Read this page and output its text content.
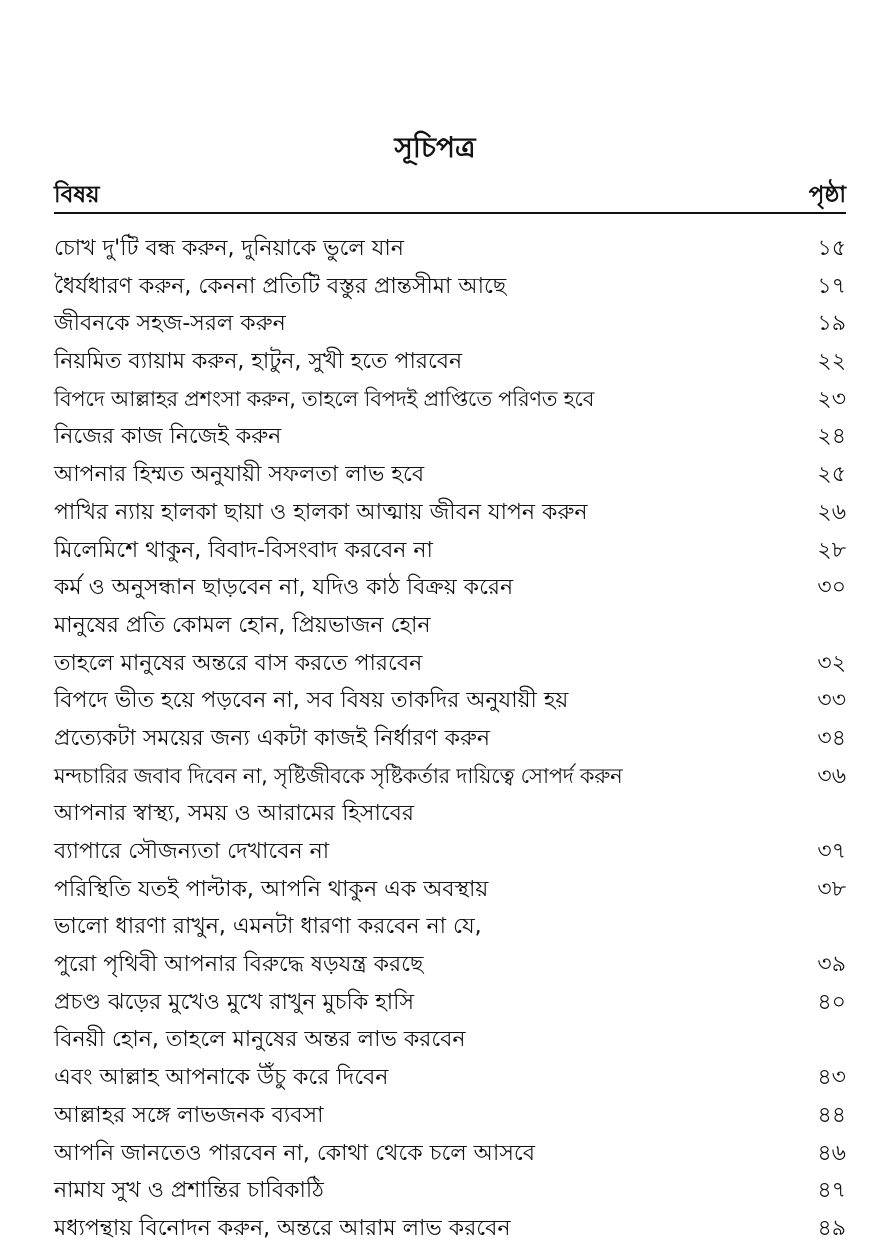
সূচিপত্র
বিষয়	পৃষ্ঠা
চোখ দু'টি বন্ধ করুন, দুনিয়াকে ভুলে যান	১৫
ধৈর্যধারণ করুন, কেননা প্রতিটি বস্তুর প্রান্তসীমা আছে	১৭
জীবনকে সহজ-সরল করুন	১৯
নিয়মিত ব্যায়াম করুন, হাটুন, সুখী হতে পারবেন	২২
বিপদে আল্লাহর প্রশংসা করুন, তাহলে বিপদই প্রাপ্তিতে পরিণত হবে	২৩
নিজের কাজ নিজেই করুন	২৪
আপনার হিম্মত অনুযায়ী সফলতা লাভ হবে	২৫
পাখির ন্যায় হালকা ছায়া ও হালকা আত্মায় জীবন যাপন করুন	২৬
মিলেমিশে থাকুন, বিবাদ-বিসংবাদ করবেন না	২৮
কর্ম ও অনুসন্ধান ছাড়বেন না, যদিও কাঠ বিক্রয় করেন	৩০
মানুষের প্রতি কোমল হোন, প্রিয়ভাজন হোন
তাহলে মানুষের অন্তরে বাস করতে পারবেন	৩২
বিপদে ভীত হয়ে পড়বেন না, সব বিষয় তাকদির অনুযায়ী হয়	৩৩
প্রত্যেকটা সময়ের জন্য একটা কাজই নির্ধারণ করুন	৩৪
মন্দচারির জবাব দিবেন না, সৃষ্টিজীবকে সৃষ্টিকর্তার দায়িত্বে সোপর্দ করুন	৩৬
আপনার স্বাস্থ্য, সময় ও আরামের হিসাবের
ব্যাপারে সৌজন্যতা দেখাবেন না	৩৭
পরিস্থিতি যতই পাল্টাক, আপনি থাকুন এক অবস্থায়	৩৮
ভালো ধারণা রাখুন, এমনটা ধারণা করবেন না যে,
পুরো পৃথিবী আপনার বিরুদ্ধে ষড়যন্ত্র করছে	৩৯
প্রচণ্ড ঝড়ের মুখেও মুখে রাখুন মুচকি হাসি	৪০
বিনয়ী হোন, তাহলে মানুষের অন্তর লাভ করবেন
এবং আল্লাহ আপনাকে উঁচু করে দিবেন	৪৩
আল্লাহর সঙ্গে লাভজনক ব্যবসা	৪৪
আপনি জানতেও পারবেন না, কোথা থেকে চলে আসবে	৪৬
নামায সুখ ও প্রশান্তির চাবিকাঠি	৪৭
মধ্যপন্থায় বিনোদন করুন, অন্তরে আরাম লাভ করবেন	৪৯
